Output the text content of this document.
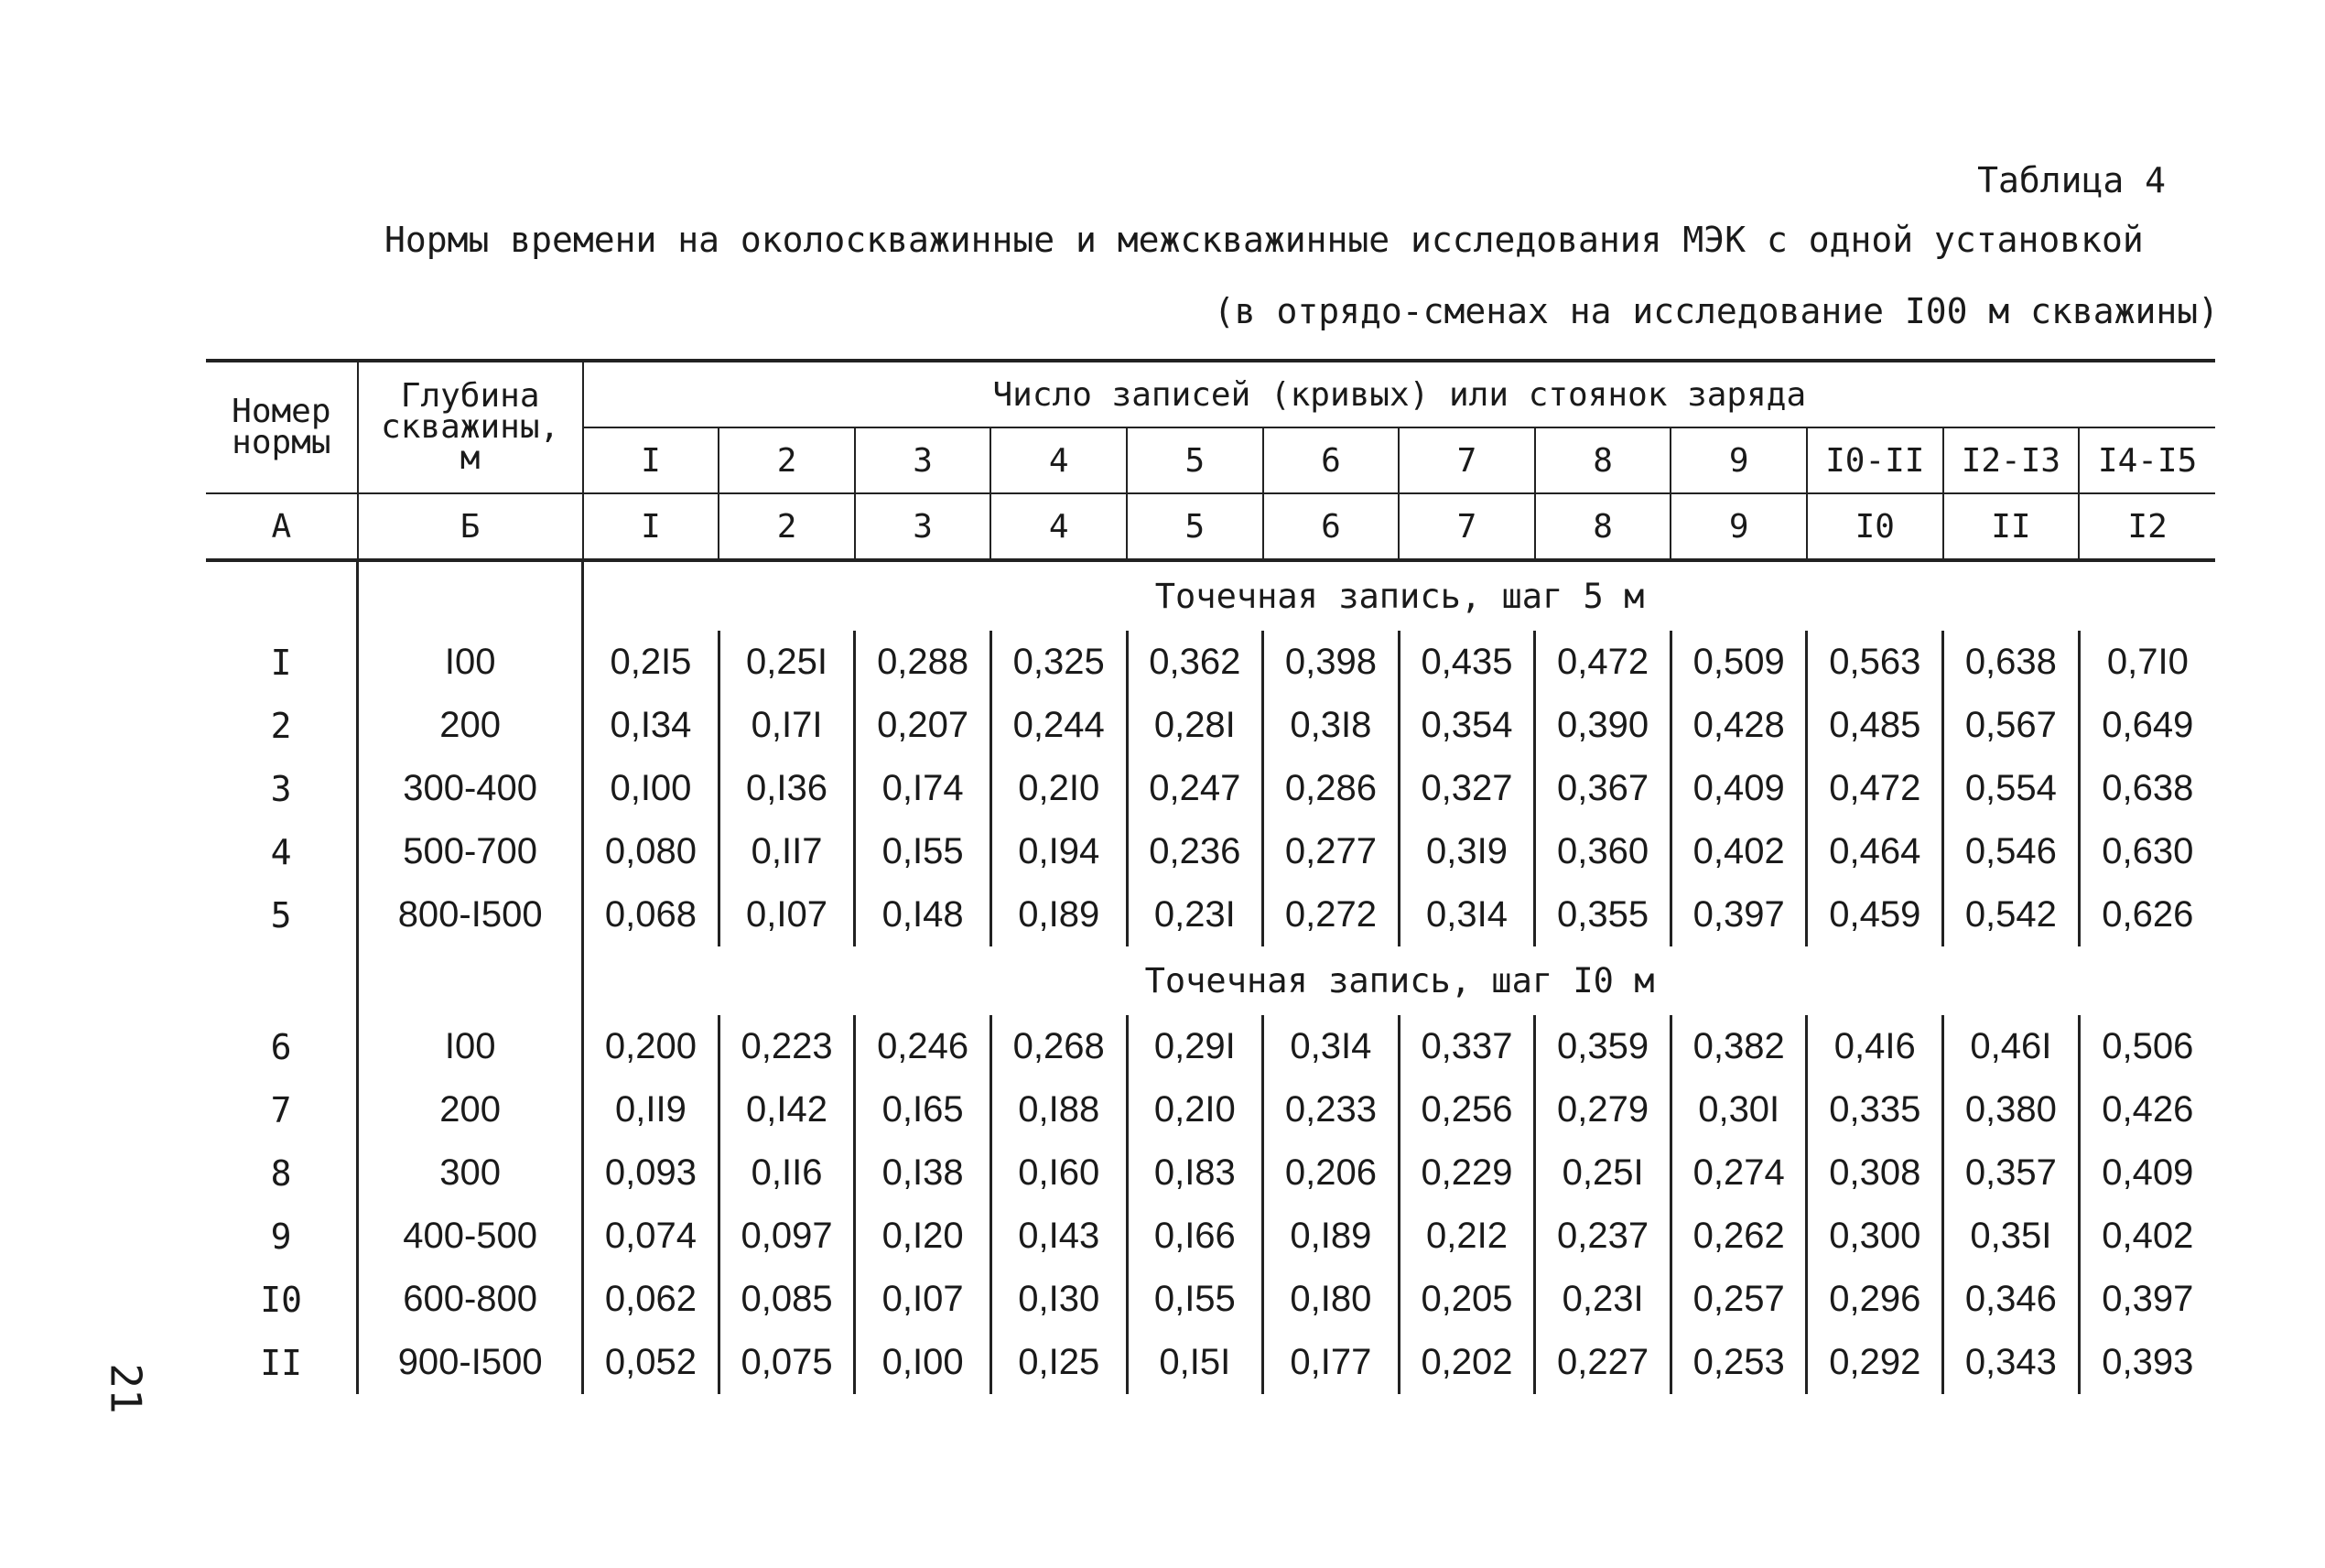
Таблица 4
Нормы времени на околоскважинные и межскважинные исследования МЭК с одной установкой
(в отрядо-сменах на исследование I00 м скважины)
21
Номер нормы	Глубина
скважины,
м	Число записей (кривых) или стоянок заряда											
		I	2	3	4	5	6	7	8	9	I0-II	I2-I3	I4-I5
А	Б	I	2	3	4	5	6	7	8	9	I0	II	I2
		Точечная запись, шаг 5 м											
I	I00	0,2I5	0,25I	0,288	0,325	0,362	0,398	0,435	0,472	0,509	0,563	0,638	0,7I0
2	200	0,I34	0,I7I	0,207	0,244	0,28I	0,3I8	0,354	0,390	0,428	0,485	0,567	0,649
3	300-400	0,I00	0,I36	0,I74	0,2I0	0,247	0,286	0,327	0,367	0,409	0,472	0,554	0,638
4	500-700	0,080	0,II7	0,I55	0,I94	0,236	0,277	0,3I9	0,360	0,402	0,464	0,546	0,630
5	800-I500	0,068	0,I07	0,I48	0,I89	0,23I	0,272	0,3I4	0,355	0,397	0,459	0,542	0,626
		Точечная запись, шаг I0 м											
6	I00	0,200	0,223	0,246	0,268	0,29I	0,3I4	0,337	0,359	0,382	0,4I6	0,46I	0,506
7	200	0,II9	0,I42	0,I65	0,I88	0,2I0	0,233	0,256	0,279	0,30I	0,335	0,380	0,426
8	300	0,093	0,II6	0,I38	0,I60	0,I83	0,206	0,229	0,25I	0,274	0,308	0,357	0,409
9	400-500	0,074	0,097	0,I20	0,I43	0,I66	0,I89	0,2I2	0,237	0,262	0,300	0,35I	0,402
I0	600-800	0,062	0,085	0,I07	0,I30	0,I55	0,I80	0,205	0,23I	0,257	0,296	0,346	0,397
II	900-I500	0,052	0,075	0,I00	0,I25	0,I5I	0,I77	0,202	0,227	0,253	0,292	0,343	0,393
